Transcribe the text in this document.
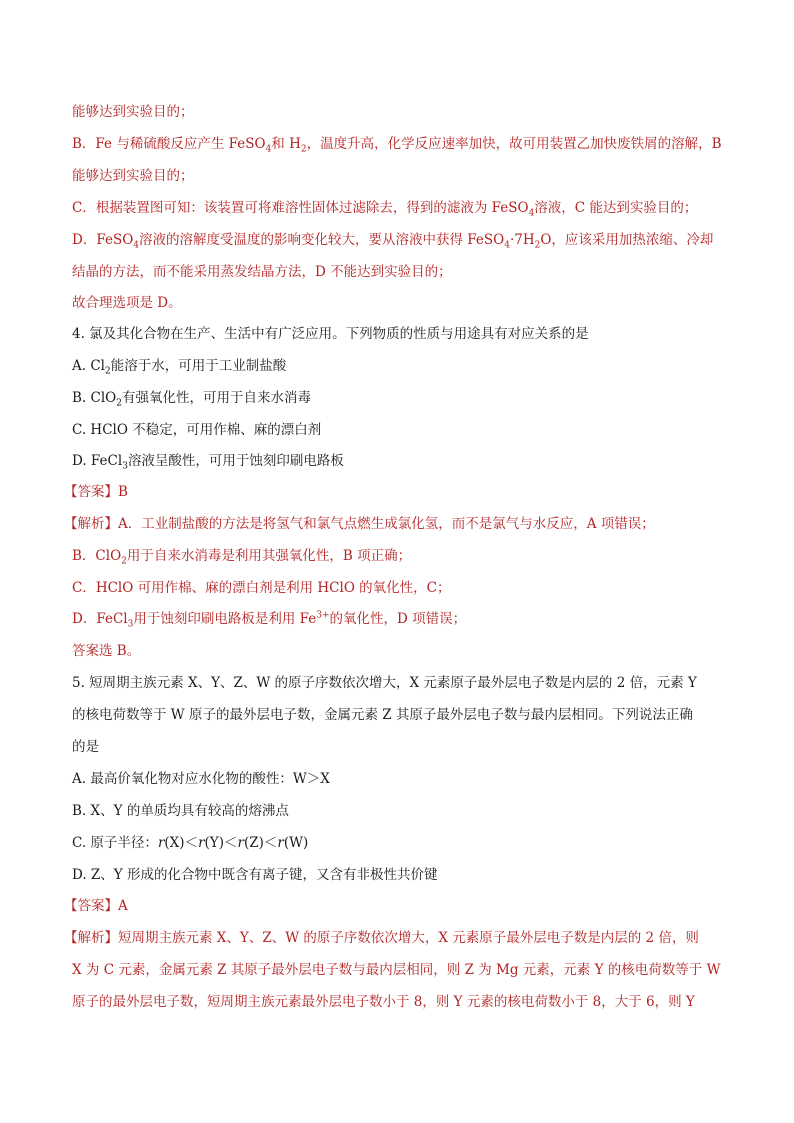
能够达到实验目的；
B．Fe 与稀硫酸反应产生 FeSO$_4$和 $H_2$，温度升高，化学反应速率加快，故可用装置乙加快废铁屑的溶解，B
能够达到实验目的；
C．根据装置图可知：该装置可将难溶性固体过滤除去，得到的滤液为 FeSO$_4$溶液，C 能达到实验目的；
D．FeSO$_4$溶液的溶解度受温度的影响变化较大，要从溶液中获得 $FeSO_4\cdot 7H_2O$，应该采用加热浓缩、冷却
结晶的方法，而不能采用蒸发结晶方法，D 不能达到实验目的；
故合理选项是 D。
4. 氯及其化合物在生产、生活中有广泛应用。下列物质的性质与用途具有对应关系的是
A. $Cl_2$能溶于水，可用于工业制盐酸
B. ClO$_2$有强氧化性，可用于自来水消毒
C. HClO 不稳定，可用作棉、麻的漂白剂
D. FeCl$_3$溶液呈酸性，可用于蚀刻印刷电路板
【答案】B
【解析】A．工业制盐酸的方法是将氢气和氯气点燃生成氯化氢，而不是氯气与水反应，A 项错误；
B．ClO$_2$用于自来水消毒是利用其强氧化性，B 项正确；
C．HClO 可用作棉、麻的漂白剂是利用 HClO 的氧化性，C；
D．FeCl$_3$用于蚀刻印刷电路板是利用 $Fe^{3+}$的氧化性，D 项错误；
答案选 B。
5. 短周期主族元素 X、Y、Z、W 的原子序数依次增大，X 元素原子最外层电子数是内层的 2 倍，元素 Y
的核电荷数等于 W 原子的最外层电子数，金属元素 Z 其原子最外层电子数与最内层相同。下列说法正确
的是
A. 最高价氧化物对应水化物的酸性：W＞X
B. X、Y 的单质均具有较高的熔沸点
C. 原子半径：r(X)＜r(Y)＜r(Z)＜r(W)
D. Z、Y 形成的化合物中既含有离子键，又含有非极性共价键
【答案】A
【解析】短周期主族元素 X、Y、Z、W 的原子序数依次增大，X 元素原子最外层电子数是内层的 2 倍，则
X 为 C 元素，金属元素 Z 其原子最外层电子数与最内层相同，则 Z 为 Mg 元素，元素 Y 的核电荷数等于 W
原子的最外层电子数，短周期主族元素最外层电子数小于 8，则 Y 元素的核电荷数小于 8，大于 6，则 Y
